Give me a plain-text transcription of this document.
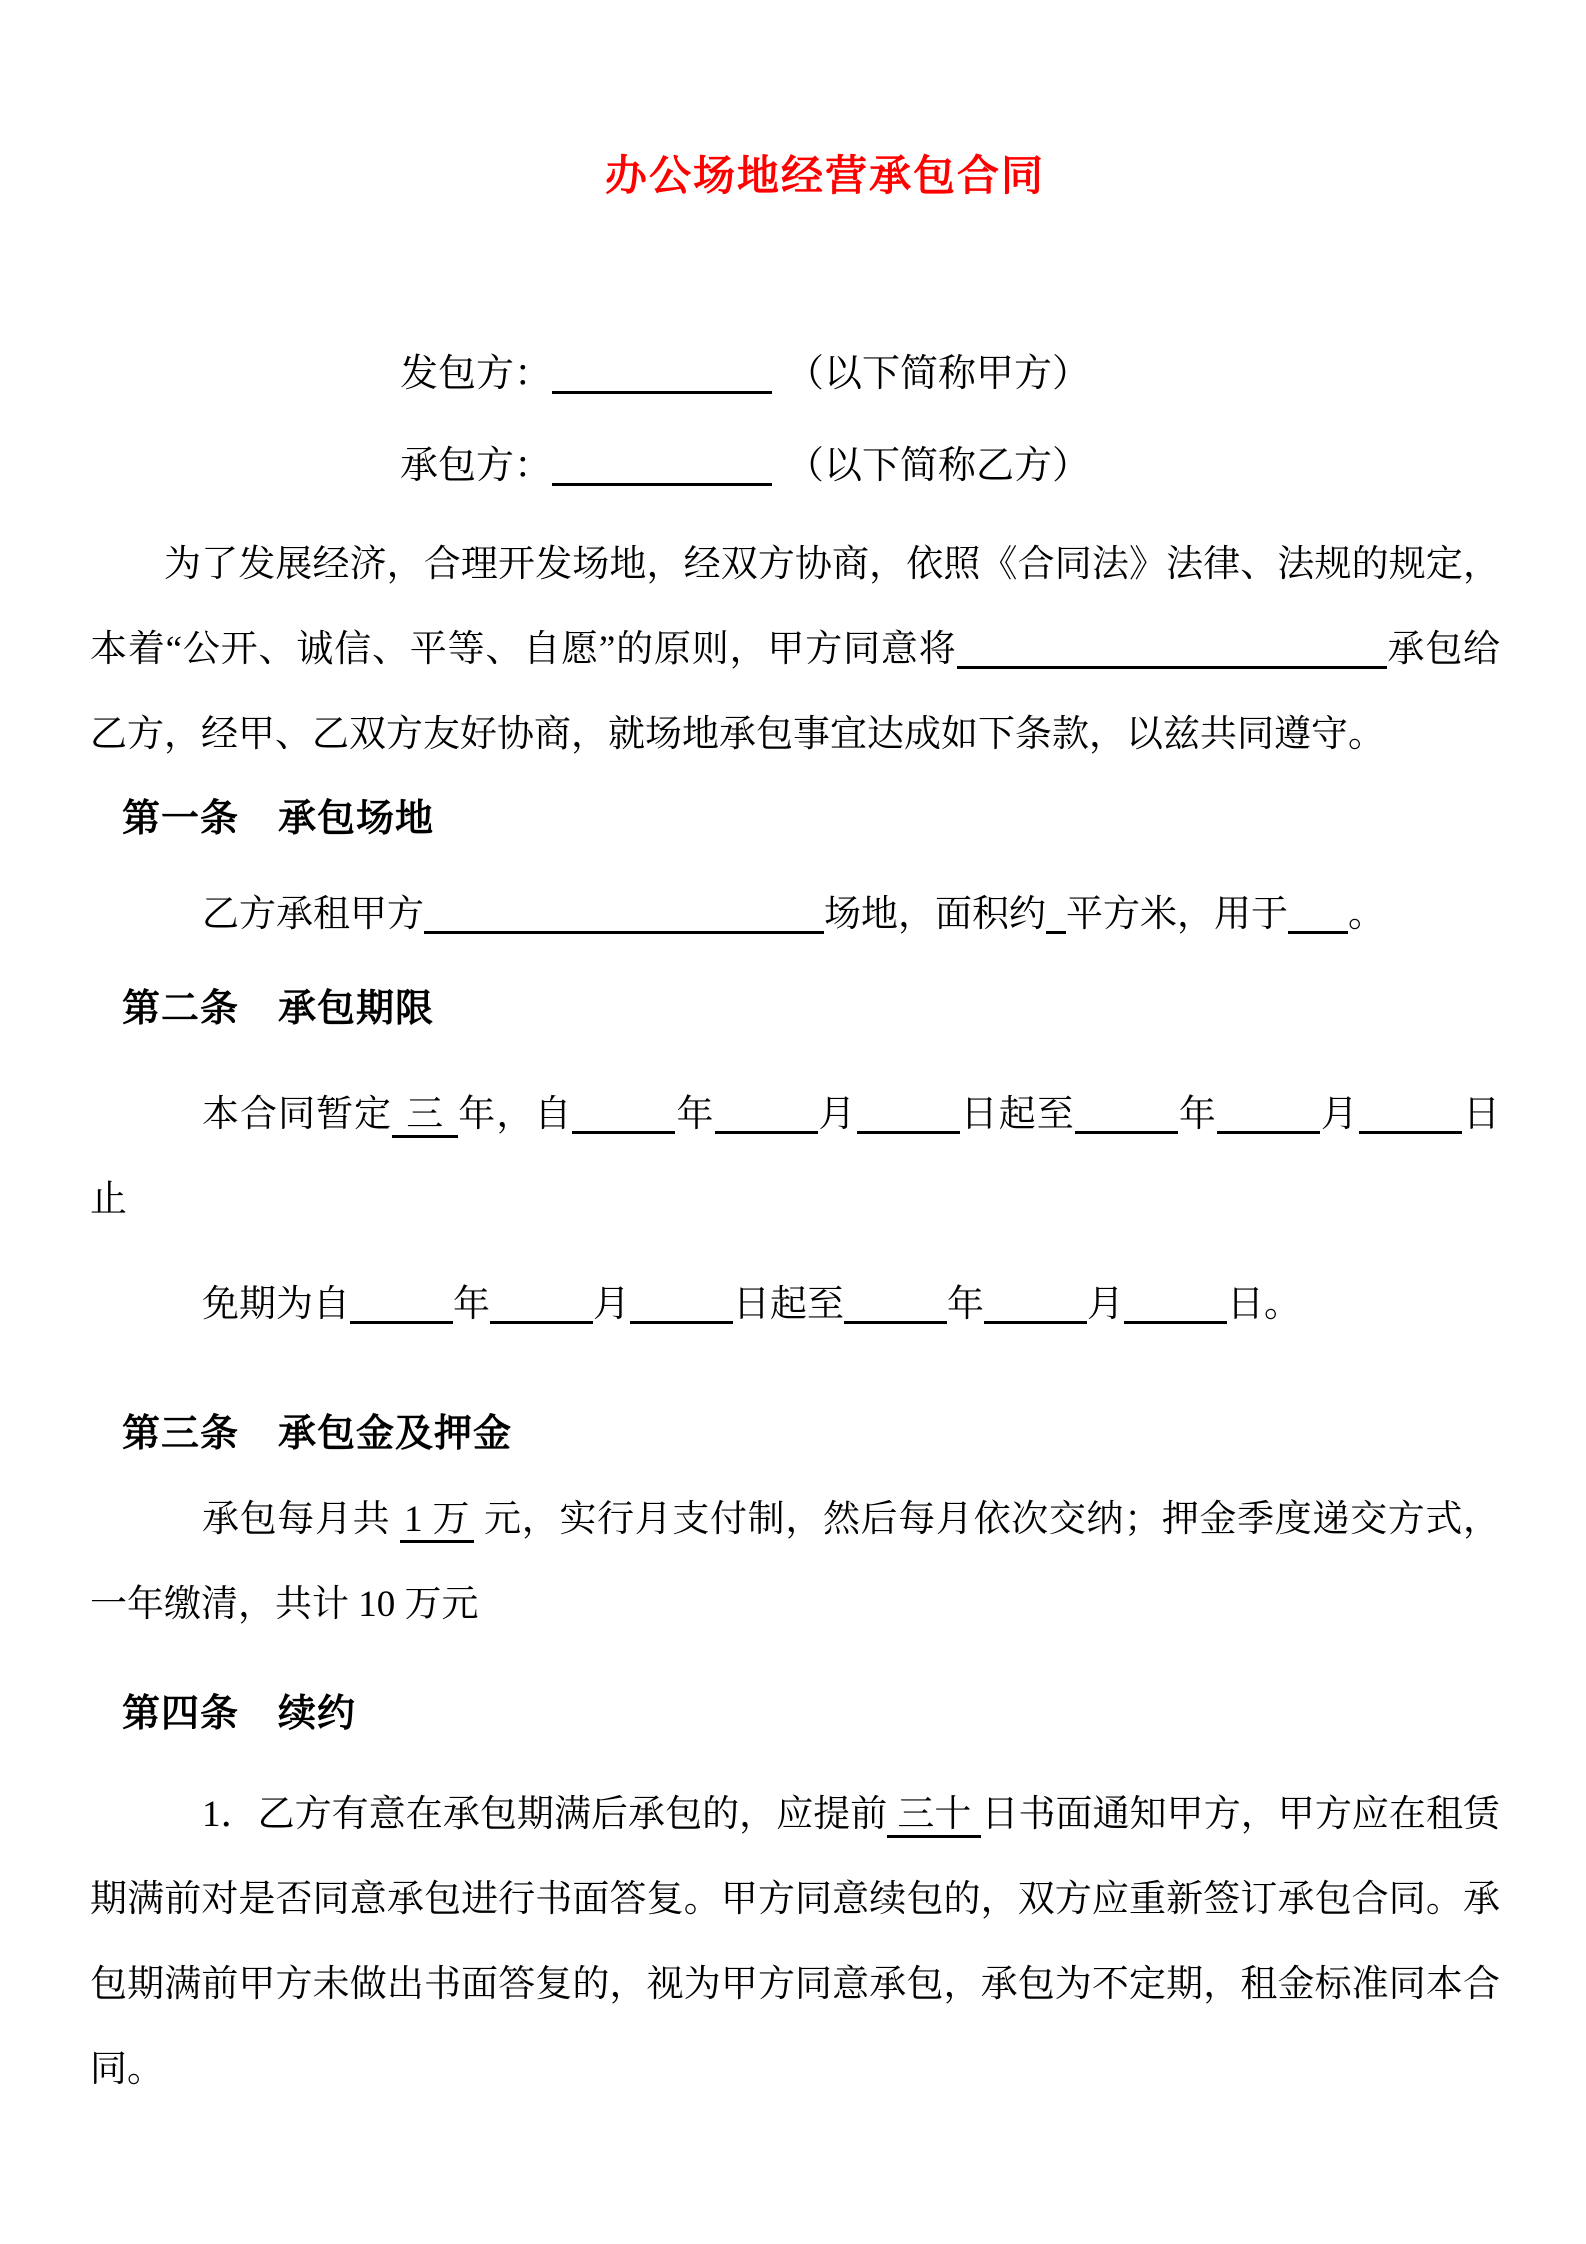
办公场地经营承包合同
发包方：	（以下简称甲方）
承包方：	（以下简称乙方）

为了发展经济，合理开发场地，经双方协商，依照《合同法》法律、法规的规定，本着“公开、诚信、平等、自愿”的原则，甲方同意将	承包给乙方，经甲、乙双方友好协商，就场地承包事宜达成如下条款，以兹共同遵守。

第一条　承包场地

乙方承租甲方	场地，面积约 平方米，用于 。

第二条　承包期限

本合同暂定 三 年，自	年	月	日起至	年	月	日止

免期为自	年	月	日起至	年	月	日。

第三条　承包金及押金

承包每月共 1 万 元，实行月支付制，然后每月依次交纳；押金季度递交方式，一年缴清，共计 10 万元

第四条　续约

1．乙方有意在承包期满后承包的，应提前 三十 日书面通知甲方，甲方应在租赁期满前对是否同意承包进行书面答复。甲方同意续包的，双方应重新签订承包合同。承包期满前甲方未做出书面答复的，视为甲方同意承包，承包为不定期，租金标准同本合同。
